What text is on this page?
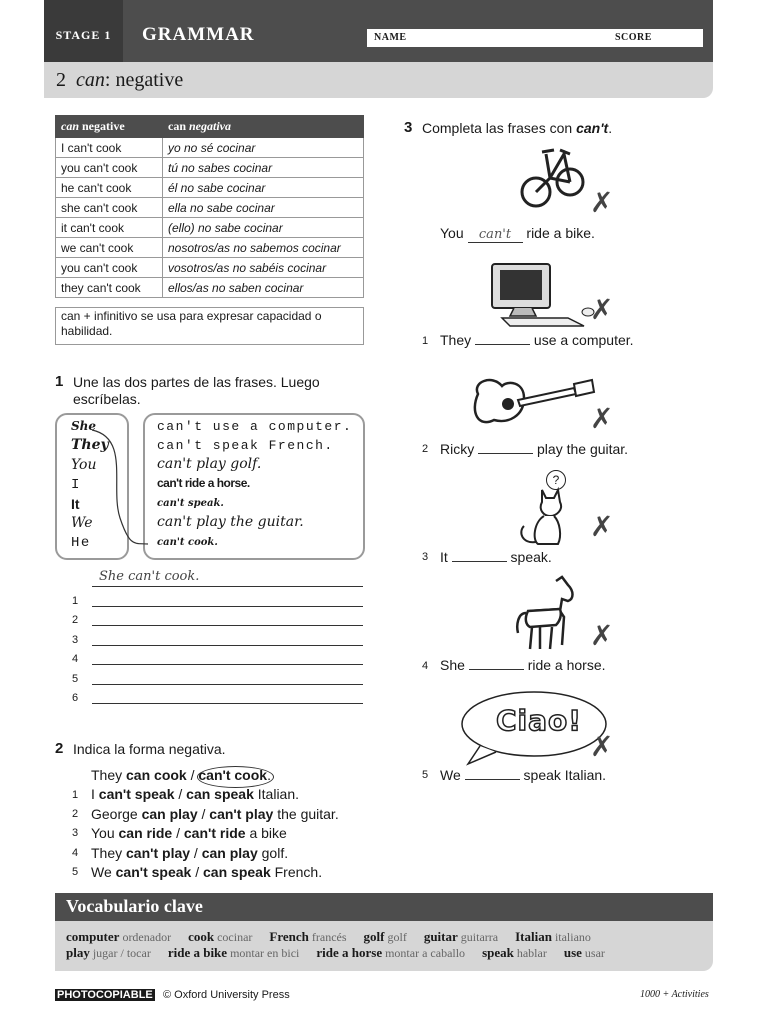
STAGE 1	GRAMMAR	NAME	SCORE
2 can: negative
can negative	can negativa
I can't cook	yo no sé cocinar
you can't cook	tú no sabes cocinar
he can't cook	él no sabe cocinar
she can't cook	ella no sabe cocinar
it can't cook	(ello) no sabe cocinar
we can't cook	nosotros/as no sabemos cocinar
you can't cook	vosotros/as no sabéis cocinar
they can't cook	ellos/as no saben cocinar
can + infinitivo se usa para expresar capacidad o habilidad.
1 Une las dos partes de las frases. Luego escríbelas.
She
They
You
I
It
We
He
can't use a computer.
can't speak French.
can't play golf.
can't ride a horse.
can't speak.
can't play the guitar.
can't cook.
She can't cook.
1
2
3
4
5
6
2 Indica la forma negativa.
They can cook / can't cook.
1 I can't speak / can speak Italian.
2 George can play / can't play the guitar.
3 You can ride / can't ride a bike
4 They can't play / can play golf.
5 We can't speak / can speak French.
3 Completa las frases con can't.
✗
You can't ride a bike.
✗
1 They	use a computer.
✗
2 Ricky	play the guitar.
?
✗
3 It	speak.
✗
4 She	ride a horse.
Ciao!
✗
5 We	speak Italian.
Vocabulario clave
computer ordenador cook cocinar French francés golf golf guitar guitarra Italian italiano
play jugar / tocar ride a bike montar en bici ride a horse montar a caballo speak hablar use usar
PHOTOCOPIABLE © Oxford University Press	1000 + Activities
